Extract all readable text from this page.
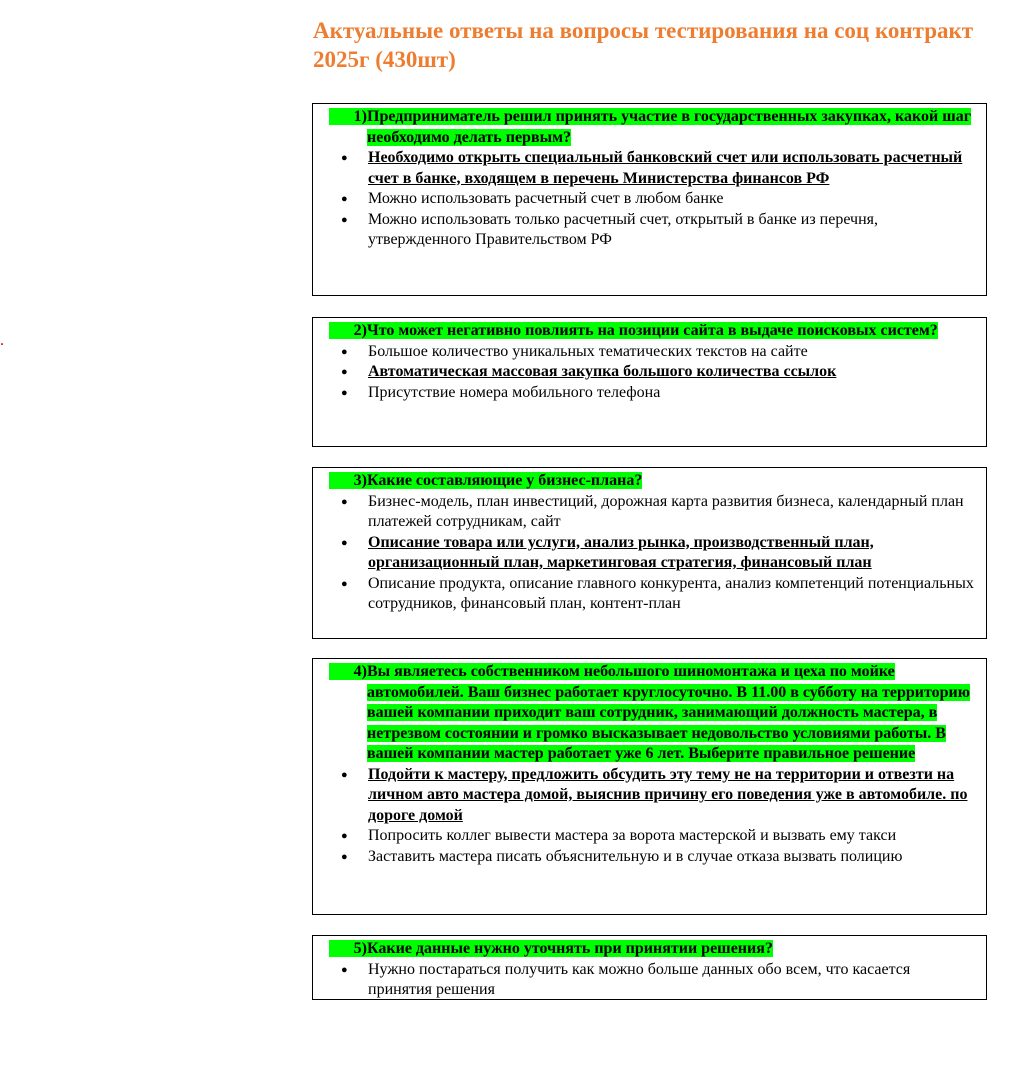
Актуальные ответы на вопросы тестирования на соц контракт 2025г (430шт)
.
1) Предприниматель решил принять участие в государственных закупках, какой шаг необходимо делать первым?
●	Необходимо открыть специальный банковский счет или использовать расчетный счет в банке, входящем в перечень Министерства финансов РФ
●	Можно использовать расчетный счет в любом банке
●	Можно использовать только расчетный счет, открытый в банке из перечня, утвержденного Правительством РФ
2) Что может негативно повлиять на позиции сайта в выдаче поисковых систем?
●	Большое количество уникальных тематических текстов на сайте
●	Автоматическая массовая закупка большого количества ссылок
●	Присутствие номера мобильного телефона
3) Какие составляющие у бизнес-плана?
●	Бизнес-модель, план инвестиций, дорожная карта развития бизнеса, календарный план платежей сотрудникам, сайт
●	Описание товара или услуги, анализ рынка, производственный план, организационный план, маркетинговая стратегия, финансовый план
●	Описание продукта, описание главного конкурента, анализ компетенций потенциальных сотрудников, финансовый план, контент-план
4) Вы являетесь собственником небольшого шиномонтажа и цеха по мойке автомобилей. Ваш бизнес работает круглосуточно. В 11.00 в субботу на территорию вашей компании приходит ваш сотрудник, занимающий должность мастера, в нетрезвом состоянии и громко высказывает недовольство условиями работы. В вашей компании мастер работает уже 6 лет. Выберите правильное решение
●	Подойти к мастеру, предложить обсудить эту тему не на территории и отвезти на личном авто мастера домой, выяснив причину его поведения уже в автомобиле. по дороге домой
●	Попросить коллег вывести мастера за ворота мастерской и вызвать ему такси
●	Заставить мастера писать объяснительную и в случае отказа вызвать полицию
5) Какие данные нужно уточнять при принятии решения?
●	Нужно постараться получить как можно больше данных обо всем, что касается принятия решения
